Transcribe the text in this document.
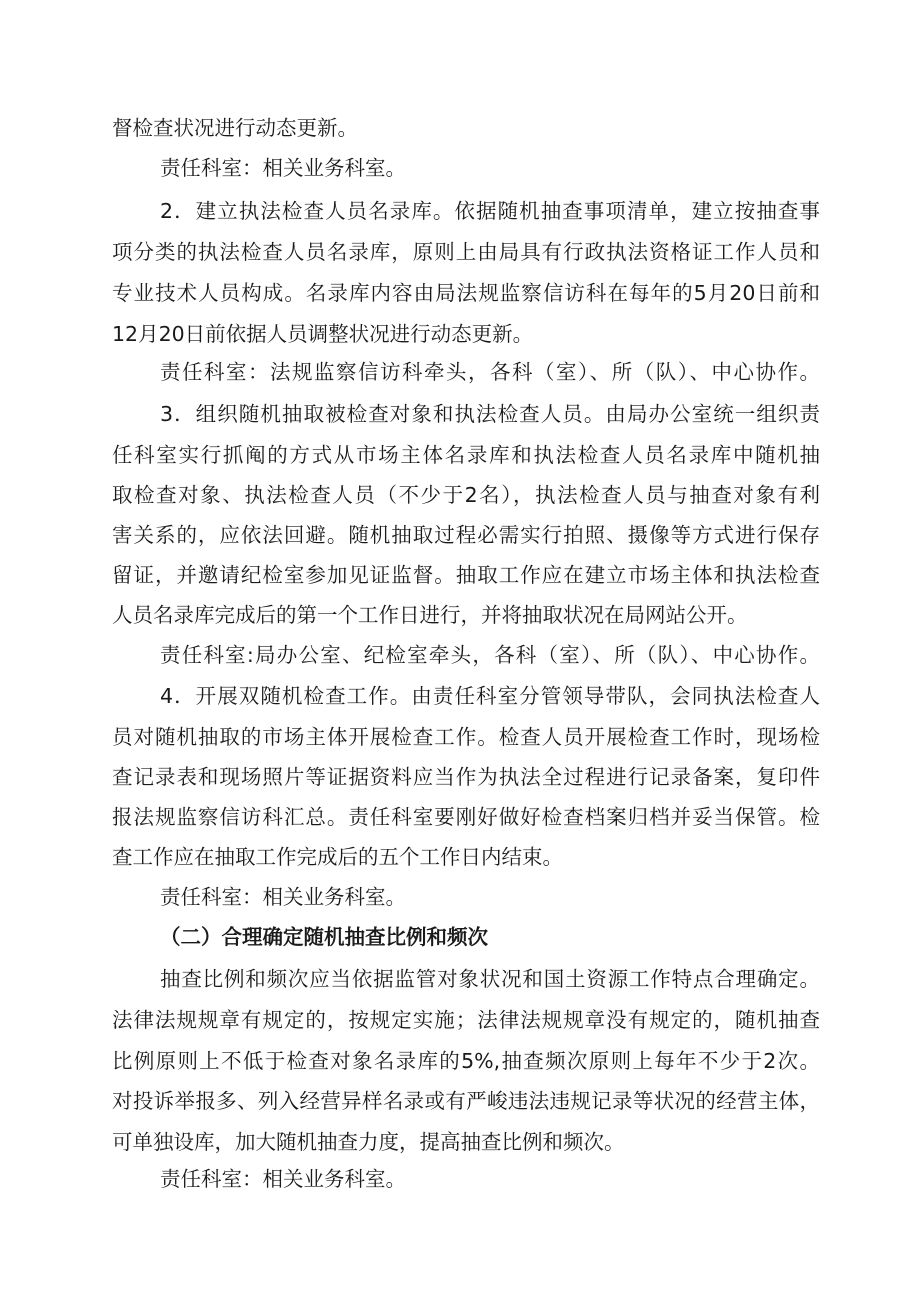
督检查状况进行动态更新。
责任科室：相关业务科室。
2．建立执法检查人员名录库。依据随机抽查事项清单，建立按抽查事
项分类的执法检查人员名录库，原则上由局具有行政执法资格证工作人员和
专业技术人员构成。名录库内容由局法规监察信访科在每年的5月20日前和
12月20日前依据人员调整状况进行动态更新。
责任科室：法规监察信访科牵头，各科（室）、所（队）、中心协作。
3．组织随机抽取被检查对象和执法检查人员。由局办公室统一组织责
任科室实行抓阄的方式从市场主体名录库和执法检查人员名录库中随机抽
取检查对象、执法检查人员（不少于2名），执法检查人员与抽查对象有利
害关系的，应依法回避。随机抽取过程必需实行拍照、摄像等方式进行保存
留证，并邀请纪检室参加见证监督。抽取工作应在建立市场主体和执法检查
人员名录库完成后的第一个工作日进行，并将抽取状况在局网站公开。
责任科室:局办公室、纪检室牵头，各科（室）、所（队）、中心协作。
4．开展双随机检查工作。由责任科室分管领导带队，会同执法检查人
员对随机抽取的市场主体开展检查工作。检查人员开展检查工作时，现场检
查记录表和现场照片等证据资料应当作为执法全过程进行记录备案，复印件
报法规监察信访科汇总。责任科室要刚好做好检查档案归档并妥当保管。检
查工作应在抽取工作完成后的五个工作日内结束。
责任科室：相关业务科室。
（二）合理确定随机抽查比例和频次
抽查比例和频次应当依据监管对象状况和国土资源工作特点合理确定。
法律法规规章有规定的，按规定实施；法律法规规章没有规定的，随机抽查
比例原则上不低于检查对象名录库的5%,抽查频次原则上每年不少于2次。
对投诉举报多、列入经营异样名录或有严峻违法违规记录等状况的经营主体，
可单独设库，加大随机抽查力度，提高抽查比例和频次。
责任科室：相关业务科室。
